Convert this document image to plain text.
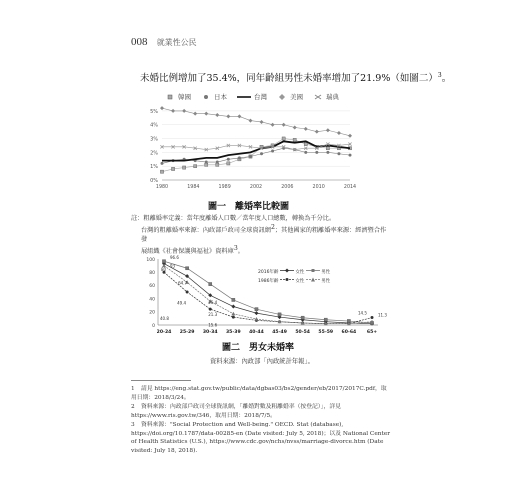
008 就業性公民
未婚比例增加了35.4%，同年齡組男性未婚率增加了21.9%（如圖二）$^3$。
韓國	日本	台灣	美國	瑞典
0%
1%
2%
3%
4%
5%
1980	1984	1989	2002	2006	2010	2014
圖一　離婚率比較圖
註：粗離婚率定義：當年度離婚人口數／當年度人口總數，轉換為千分比。
台灣的粗離婚率來源：內政部戶政司全球資訊網$^2$；其他國家的粗離婚率來源：經濟暨合作發
展組織《社會保護與福祉》資料庫$^3$。
0
20
40
60
80
100
20-24 25-29 30-34 35-39 40-44 45-49 50-54 55-59 60-64 65+
96.6
93
80
64.7
49.4
40.8
25.4
21.3
15.6
11.3
14.5
2016年齡	女性	男性
1986年齡	女性	男性
圖二　男女未婚率
資料來源：內政部「內政統計年報」。
1 請見 https://eng.stat.gov.tw/public/data/dgbas03/bs2/gender/eb/2017/2017C.pdf，取用日期：2018/3/24。
2 資料來源：內政部戶政司全球資訊網，「離婚對數及粗離婚率（按登記）」，詳見 https://www.ris.gov.tw/346，取用日期：2018/7/5。
3 資料來源："Social Protection and Well-being." OECD. Stat (database), https://doi.org/10.1787/data-00285-en (Date visited: July 5, 2018)；以及 National Center of Health Statistics (U.S.), https://www.cdc.gov/nchs/nvss/marriage-divorce.htm (Date visited: July 18, 2018).
